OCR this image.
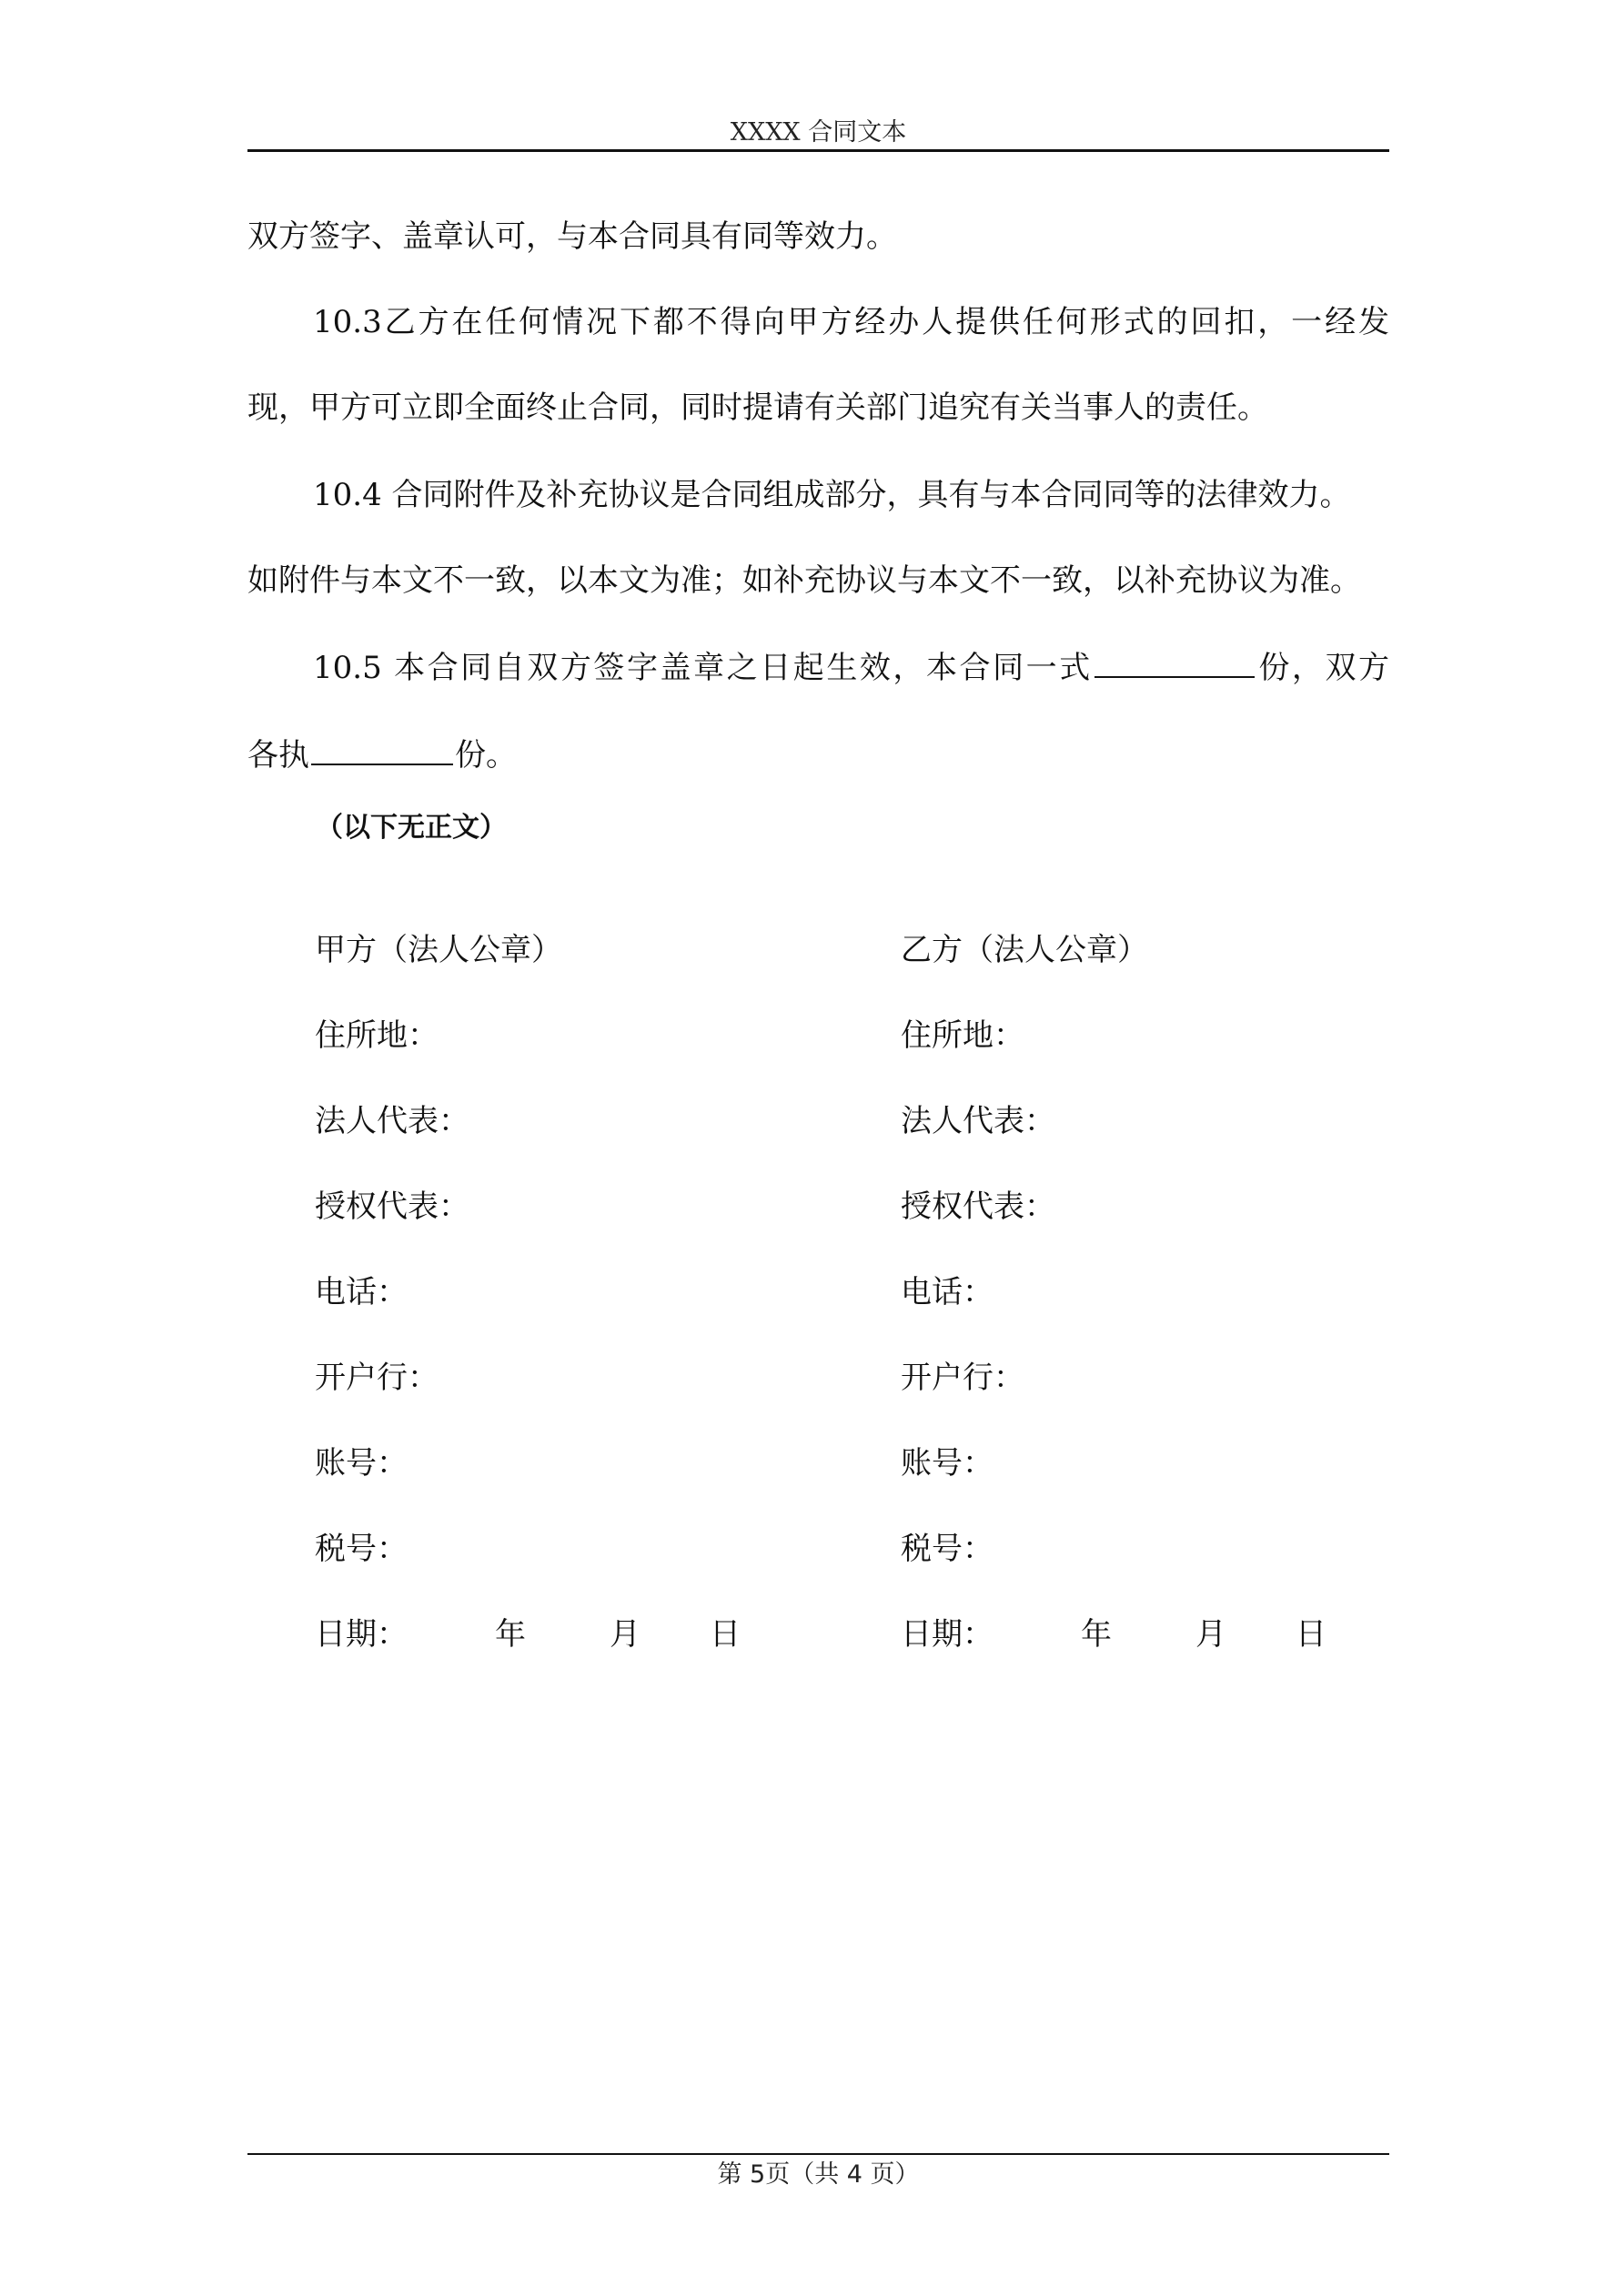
XXXX 合同文本
双方签字、盖章认可，与本合同具有同等效力。
10.3乙方在任何情况下都不得向甲方经办人提供任何形式的回扣，一经发
现，甲方可立即全面终止合同，同时提请有关部门追究有关当事人的责任。
10.4 合同附件及补充协议是合同组成部分，具有与本合同同等的法律效力。
如附件与本文不一致，以本文为准；如补充协议与本文不一致，以补充协议为准。
10.5 本合同自双方签字盖章之日起生效，本合同一式	份，双方
各执	份。
（以下无正文）
甲方（法人公章）
住所地：
法人代表：
授权代表：
电话：
开户行：
账号：
税号：
日期：	年	月 日
乙方（法人公章）
住所地：
法人代表：
授权代表：
电话：
开户行：
账号：
税号：
日期：	年	月 日
第 5页（共 4 页）
